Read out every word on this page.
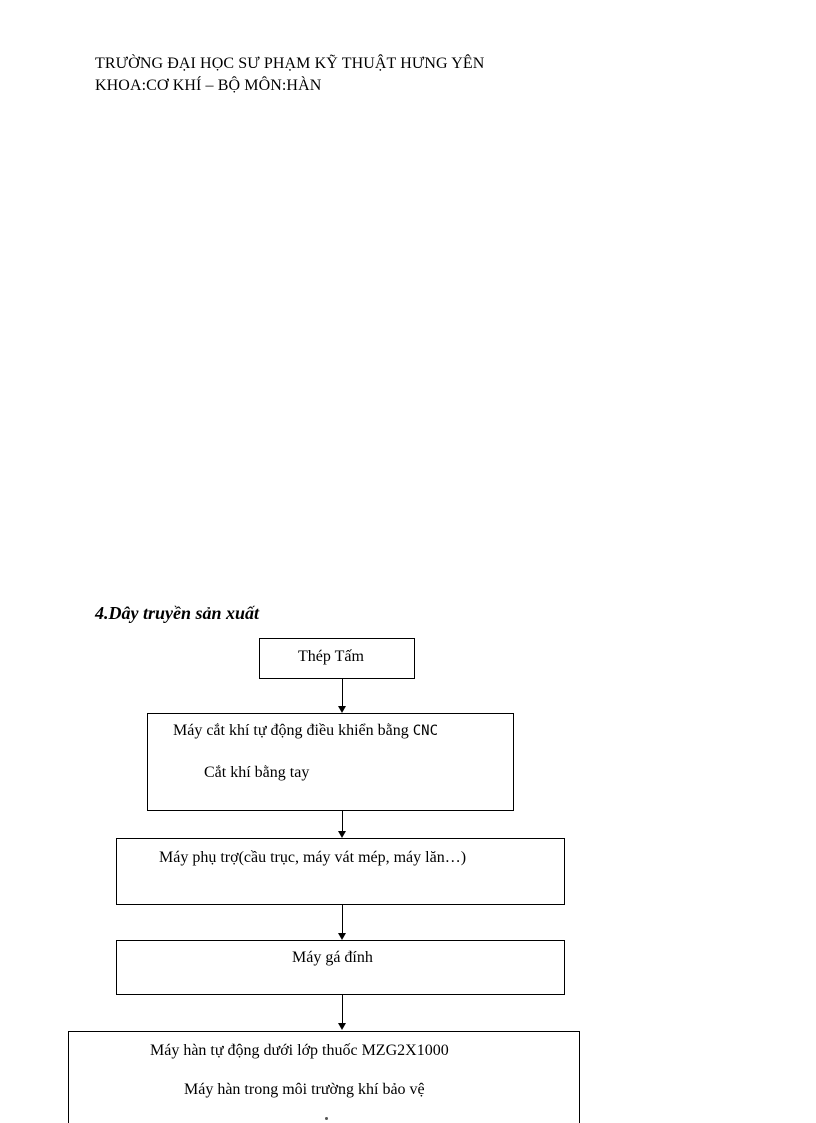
TRƯỜNG ĐẠI HỌC SƯ PHẠM KỸ THUẬT HƯNG YÊN
KHOA:CƠ KHÍ – BỘ MÔN:HÀN
4.Dây truyền sản xuất
Thép Tấm
Máy cắt khí tự động điều khiển bằng CNC
Cắt khí bằng tay
Máy phụ trợ(cầu trục, máy vát mép, máy lăn…)
Máy gá đính
Máy hàn tự động dưới lớp thuốc MZG2X1000
Máy hàn trong môi trường khí bảo vệ
